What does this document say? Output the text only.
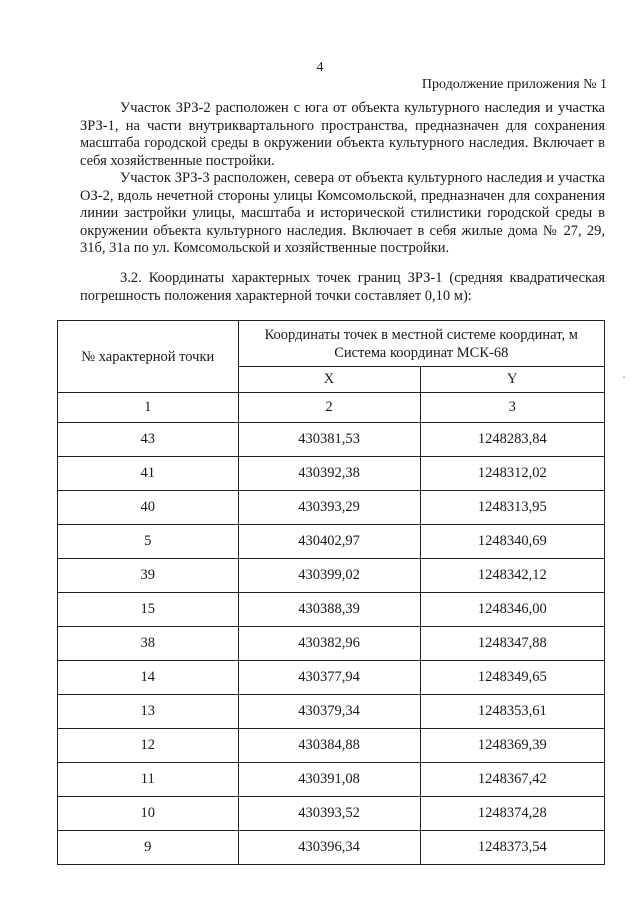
4
Продолжение приложения № 1

Участок ЗРЗ-2 расположен с юга от объекта культурного наследия и участка ЗРЗ-1, на части внутриквартального пространства, предназначен для сохранения масштаба городской среды в окружении объекта культурного наследия. Включает в себя хозяйственные постройки.

Участок ЗРЗ-3 расположен, севера от объекта культурного наследия и участка ОЗ-2, вдоль нечетной стороны улицы Комсомольской, предназначен для сохранения линии застройки улицы, масштаба и исторической стилистики городской среды в окружении объекта культурного наследия. Включает в себя жилые дома № 27, 29, 31б, 31а по ул. Комсомольской и хозяйственные постройки.

3.2. Координаты характерных точек границ ЗРЗ-1 (средняя квадратическая погрешность положения характерной точки составляет 0,10 м):

·
№ характерной точки	Координаты точек в местной системе координат, м Система координат МСК-68	
	X	Y
1	2	3
43	430381,53	1248283,84
41	430392,38	1248312,02
40	430393,29	1248313,95
5	430402,97	1248340,69
39	430399,02	1248342,12
15	430388,39	1248346,00
38	430382,96	1248347,88
14	430377,94	1248349,65
13	430379,34	1248353,61
12	430384,88	1248369,39
11	430391,08	1248367,42
10	430393,52	1248374,28
9	430396,34	1248373,54
